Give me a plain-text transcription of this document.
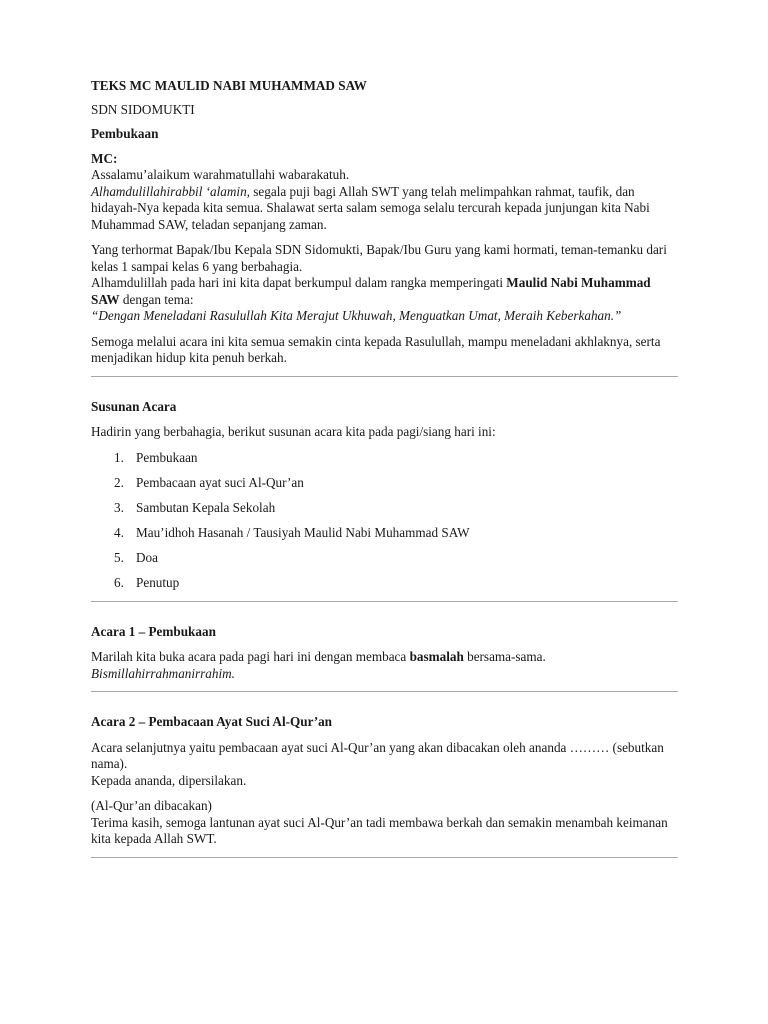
TEKS MC MAULID NABI MUHAMMAD SAW
SDN SIDOMUKTI
Pembukaan

MC:
Assalamu’alaikum warahmatullahi wabarakatuh.
Alhamdulillahirabbil ‘alamin, segala puji bagi Allah SWT yang telah melimpahkan rahmat, taufik, dan hidayah-Nya kepada kita semua. Shalawat serta salam semoga selalu tercurah kepada junjungan kita Nabi Muhammad SAW, teladan sepanjang zaman.

Yang terhormat Bapak/Ibu Kepala SDN Sidomukti, Bapak/Ibu Guru yang kami hormati, teman-temanku dari kelas 1 sampai kelas 6 yang berbahagia.
Alhamdulillah pada hari ini kita dapat berkumpul dalam rangka memperingati Maulid Nabi Muhammad SAW dengan tema:
“Dengan Meneladani Rasulullah Kita Merajut Ukhuwah, Menguatkan Umat, Meraih Keberkahan.”

Semoga melalui acara ini kita semua semakin cinta kepada Rasulullah, mampu meneladani akhlaknya, serta menjadikan hidup kita penuh berkah.

Susunan Acara

Hadirin yang berbahagia, berikut susunan acara kita pada pagi/siang hari ini:

1. Pembukaan
2. Pembacaan ayat suci Al-Qur’an
3. Sambutan Kepala Sekolah
4. Mau’idhoh Hasanah / Tausiyah Maulid Nabi Muhammad SAW
5. Doa
6. Penutup
Acara 1 – Pembukaan

Marilah kita buka acara pada pagi hari ini dengan membaca basmalah bersama-sama.
Bismillahirrahmanirrahim.

Acara 2 – Pembacaan Ayat Suci Al-Qur’an

Acara selanjutnya yaitu pembacaan ayat suci Al-Qur’an yang akan dibacakan oleh ananda ……… (sebutkan nama).
Kepada ananda, dipersilakan.

(Al-Qur’an dibacakan)
Terima kasih, semoga lantunan ayat suci Al-Qur’an tadi membawa berkah dan semakin menambah keimanan kita kepada Allah SWT.
